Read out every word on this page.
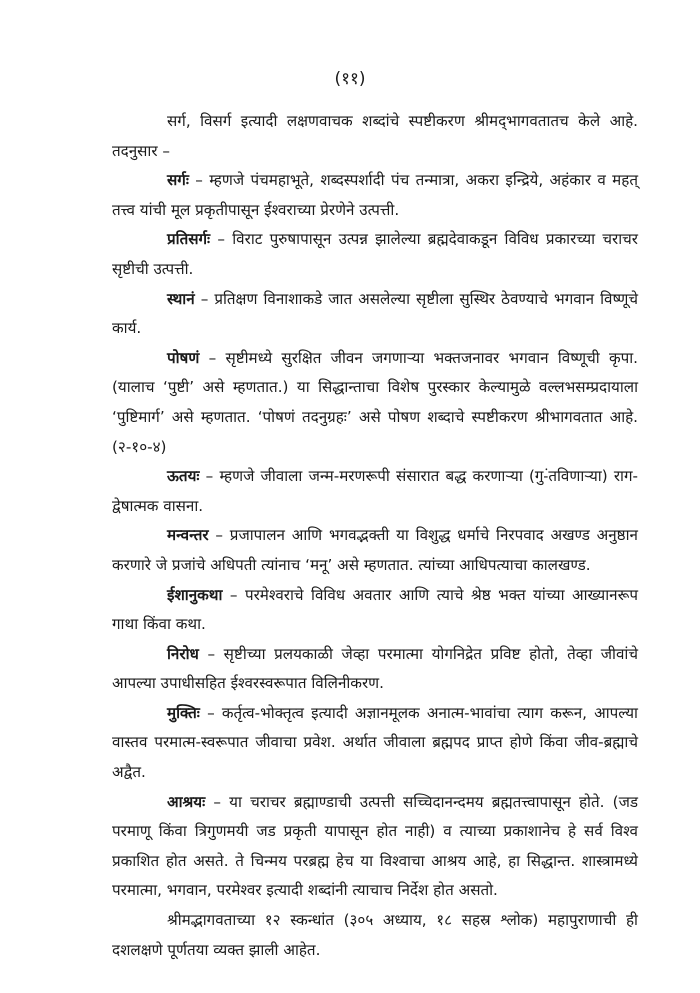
(११)

सर्ग, विसर्ग इत्यादी लक्षणवाचक शब्दांचे स्पष्टीकरण श्रीमद्‌भागवतातच केले आहे. तदनुसार –

सर्गः – म्हणजे पंचमहाभूते, शब्दस्पर्शादी पंच तन्मात्रा, अकरा इन्द्रिये, अहंकार व महत् तत्त्व यांची मूल प्रकृतीपासून ईश्वराच्या प्रेरणेने उत्पत्ती.

प्रतिसर्गः – विराट पुरुषापासून उत्पन्न झालेल्या ब्रह्मदेवाकडून विविध प्रकारच्या चराचर सृष्टीची उत्पत्ती.

स्थानं – प्रतिक्षण विनाशाकडे जात असलेल्या सृष्टीला सुस्थिर ठेवण्याचे भगवान विष्णूचे कार्य.

पोषणं – सृष्टीमध्ये सुरक्षित जीवन जगणाऱ्या भक्तजनावर भगवान विष्णूची कृपा. (यालाच ‘पुष्टी’ असे म्हणतात.) या सिद्धान्ताचा विशेष पुरस्कार केल्यामुळे वल्लभसम्प्रदायाला ‘पुष्टिमार्ग’ असे म्हणतात. ‘पोषणं तदनुग्रहः’ असे पोषण शब्दाचे स्पष्टीकरण श्रीभागवतात आहे. (२-१०-४)

ऊतयः – म्हणजे जीवाला जन्म-मरणरूपी संसारात बद्ध करणाऱ्या (गु-ंतविणाऱ्या) राग-द्वेषात्मक वासना.

मन्वन्तर – प्रजापालन आणि भगवद्भक्ती या विशुद्ध धर्माचे निरपवाद अखण्ड अनुष्ठान करणारे जे प्रजांचे अधिपती त्यांनाच ‘मनू’ असे म्हणतात. त्यांच्या आधिपत्याचा कालखण्ड.

ईशानुकथा – परमेश्वराचे विविध अवतार आणि त्याचे श्रेष्ठ भक्त यांच्या आख्यानरूप गाथा किंवा कथा.

निरोध – सृष्टीच्या प्रलयकाळी जेव्हा परमात्मा योगनिद्रेत प्रविष्ट होतो, तेव्हा जीवांचे आपल्या उपाधीसहित ईश्वरस्वरूपात विलिनीकरण.

मुक्तिः – कर्तृत्व-भोक्तृत्व इत्यादी अज्ञानमूलक अनात्म-भावांचा त्याग करून, आपल्या वास्तव परमात्म-स्वरूपात जीवाचा प्रवेश. अर्थात जीवाला ब्रह्मपद प्राप्त होणे किंवा जीव-ब्रह्माचे अद्वैत.

आश्रयः – या चराचर ब्रह्माण्डाची उत्पत्ती सच्चिदानन्दमय ब्रह्मतत्त्वापासून होते. (जड परमाणू किंवा त्रिगुणमयी जड प्रकृती यापासून होत नाही) व त्याच्या प्रकाशानेच हे सर्व विश्व प्रकाशित होत असते. ते चिन्मय परब्रह्म हेच या विश्वाचा आश्रय आहे, हा सिद्धान्त. शास्त्रामध्ये परमात्मा, भगवान, परमेश्वर इत्यादी शब्दांनी त्याचाच निर्देश होत असतो.

श्रीमद्भागवताच्या १२ स्कन्धांत (३०५ अध्याय, १८ सहस्र श्लोक) महापुराणाची ही दशलक्षणे पूर्णतया व्यक्त झाली आहेत.
